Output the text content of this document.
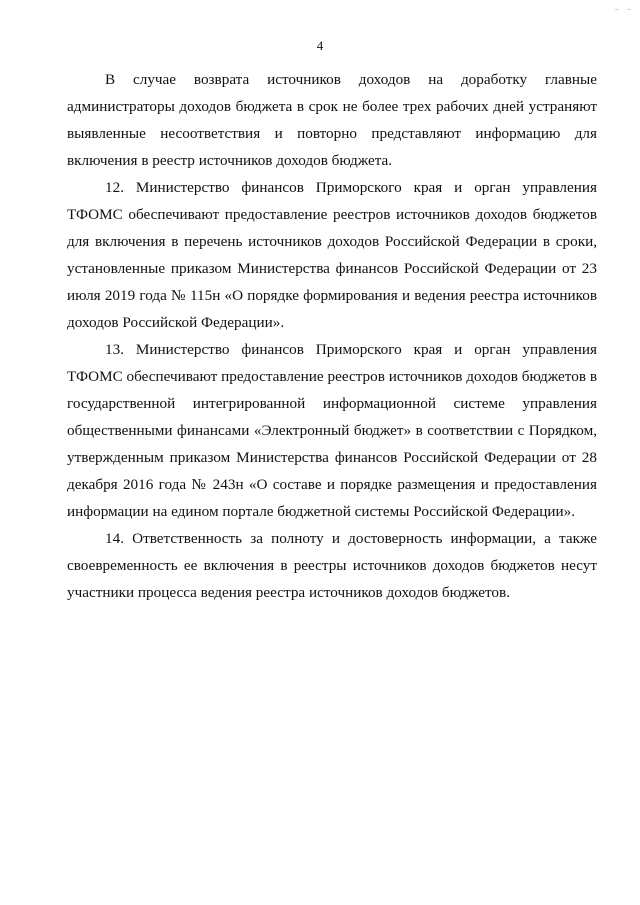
– –
4

В случае возврата источников доходов на доработку главные администраторы доходов бюджета в срок не более трех рабочих дней устраняют выявленные несоответствия и повторно представляют информацию для включения в реестр источников доходов бюджета.

12. Министерство финансов Приморского края и орган управления ТФОМС обеспечивают предоставление реестров источников доходов бюджетов для включения в перечень источников доходов Российской Федерации в сроки, установленные приказом Министерства финансов Российской Федерации от 23 июля 2019 года № 115н «О порядке формирования и ведения реестра источников доходов Российской Федерации».

13. Министерство финансов Приморского края и орган управления ТФОМС обеспечивают предоставление реестров источников доходов бюджетов в государственной интегрированной информационной системе управления общественными финансами «Электронный бюджет» в соответствии с Порядком, утвержденным приказом Министерства финансов Российской Федерации от 28 декабря 2016 года № 243н «О составе и порядке размещения и предоставления информации на едином портале бюджетной системы Российской Федерации».

14. Ответственность за полноту и достоверность информации, а также своевременность ее включения в реестры источников доходов бюджетов несут участники процесса ведения реестра источников доходов бюджетов.
